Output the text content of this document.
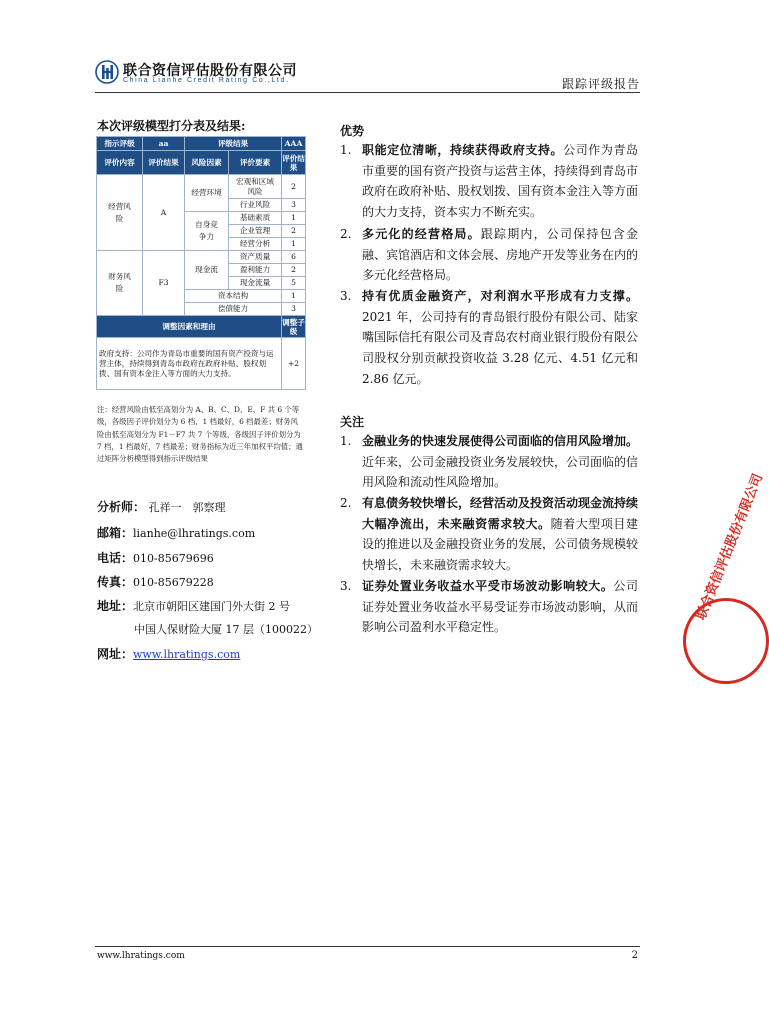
联合资信评估股份有限公司
China Lianhe Credit Rating Co.,Ltd.	跟踪评级报告
本次评级模型打分表及结果:
指示评级	aa	评级结果		AAA
评价内容	评价结果	风险因素	评价要素	评价结果
经营风险	A	经营环境	宏观和区域风险	2
			行业风险	3
		自身竞争力	基础素质	1
			企业管理	2
			经营分析	1
财务风险	F3	现金流	资产质量	6
			盈利能力	2
			现金流量	5
		资本结构		1
		偿债能力		3
调整因素和理由				调整子级
政府支持：公司作为青岛市重要的国有资产投资与运营主体，持续得到青岛市政府在政府补贴、股权划拨、国有资本金注入等方面的大力支持。				+2
注：经营风险由低至高划分为 A、B、C、D、E、F 共 6 个等级，各级因子评价划分为 6 档，1 档最好，6 档最差；财务风险由低至高划分为 F1－F7 共 7 个等级，各级因子评价划分为 7 档，1 档最好，7 档最差；财务指标为近三年加权平均值；通过矩阵分析模型得到指示评级结果
分析师： 孔祥一　郭察理
邮箱：lianhe@lhratings.com
电话：010-85679696
传真：010-85679228
地址：北京市朝阳区建国门外大街 2 号
中国人保财险大厦 17 层（100022）
网址：www.lhratings.com
优势
1. 职能定位清晰，持续获得政府支持。公司作为青岛市重要的国有资产投资与运营主体，持续得到青岛市政府在政府补贴、股权划拨、国有资本金注入等方面的大力支持，资本实力不断充实。
2. 多元化的经营格局。跟踪期内，公司保持包含金融、宾馆酒店和文体会展、房地产开发等业务在内的多元化经营格局。
3. 持有优质金融资产，对利润水平形成有力支撑。2021 年，公司持有的青岛银行股份有限公司、陆家嘴国际信托有限公司及青岛农村商业银行股份有限公司股权分别贡献投资收益 3.28 亿元、4.51 亿元和 2.86 亿元。
关注
1. 金融业务的快速发展使得公司面临的信用风险增加。近年来，公司金融投资业务发展较快，公司面临的信用风险和流动性风险增加。
2. 有息债务较快增长，经营活动及投资活动现金流持续大幅净流出，未来融资需求较大。随着大型项目建设的推进以及金融投资业务的发展，公司债务规模较快增长，未来融资需求较大。
3. 证券处置业务收益水平受市场波动影响较大。公司证券处置业务收益水平易受证券市场波动影响，从而影响公司盈利水平稳定性。
联合资信评估股份有限公司
www.lhratings.com	2
